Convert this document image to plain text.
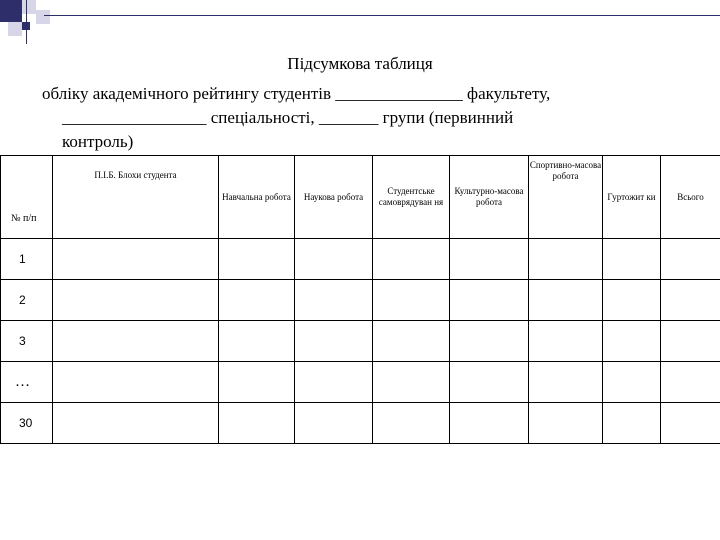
Підсумкова таблиця
обліку академічного рейтингу студентів _______________ факультету,
_________________ спеціальності, _______ групи (первинний
контроль)
№ п/п	П.І.Б. Блохи студента	Навчальна робота	Наукова робота	Студентське самоврядуван ня	Культурно-масова робота	Спортивно-масова робота	Гуртожит ки	Всього
1								
2								
3								
…								
30								
